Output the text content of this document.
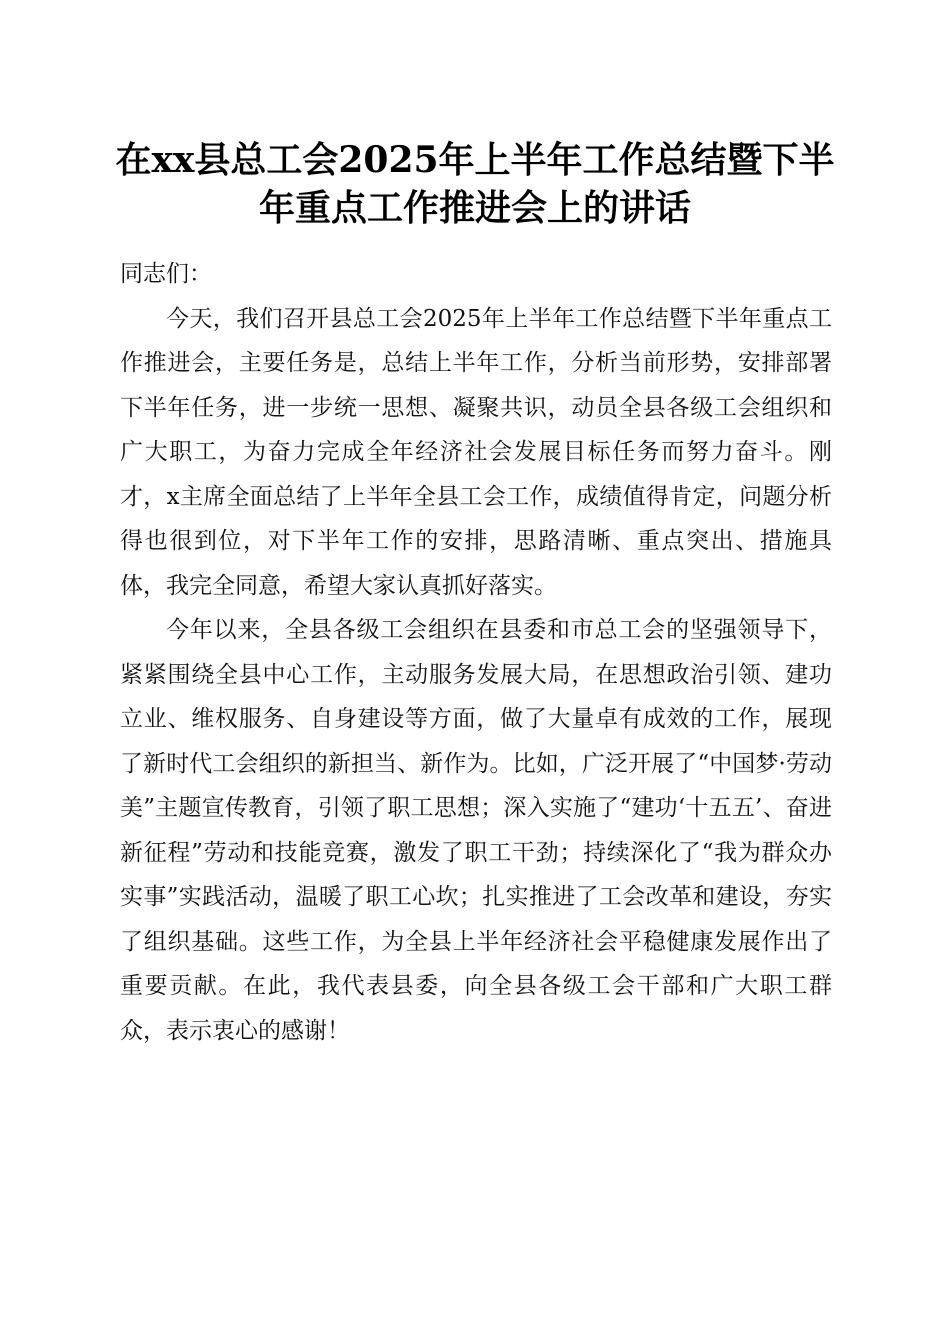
在xx县总工会2025年上半年工作总结暨下半年重点工作推进会上的讲话

同志们：

今天，我们召开县总工会2025年上半年工作总结暨下半年重点工作推进会，主要任务是，总结上半年工作，分析当前形势，安排部署下半年任务，进一步统一思想、凝聚共识，动员全县各级工会组织和广大职工，为奋力完成全年经济社会发展目标任务而努力奋斗。刚才，x主席全面总结了上半年全县工会工作，成绩值得肯定，问题分析得也很到位，对下半年工作的安排，思路清晰、重点突出、措施具体，我完全同意，希望大家认真抓好落实。

今年以来，全县各级工会组织在县委和市总工会的坚强领导下，紧紧围绕全县中心工作，主动服务发展大局，在思想政治引领、建功立业、维权服务、自身建设等方面，做了大量卓有成效的工作，展现了新时代工会组织的新担当、新作为。比如，广泛开展了“中国梦·劳动美”主题宣传教育，引领了职工思想；深入实施了“建功‘十五五’、奋进新征程”劳动和技能竞赛，激发了职工干劲；持续深化了“我为群众办实事”实践活动，温暖了职工心坎；扎实推进了工会改革和建设，夯实了组织基础。这些工作，为全县上半年经济社会平稳健康发展作出了重要贡献。在此，我代表县委，向全县各级工会干部和广大职工群众，表示衷心的感谢！
